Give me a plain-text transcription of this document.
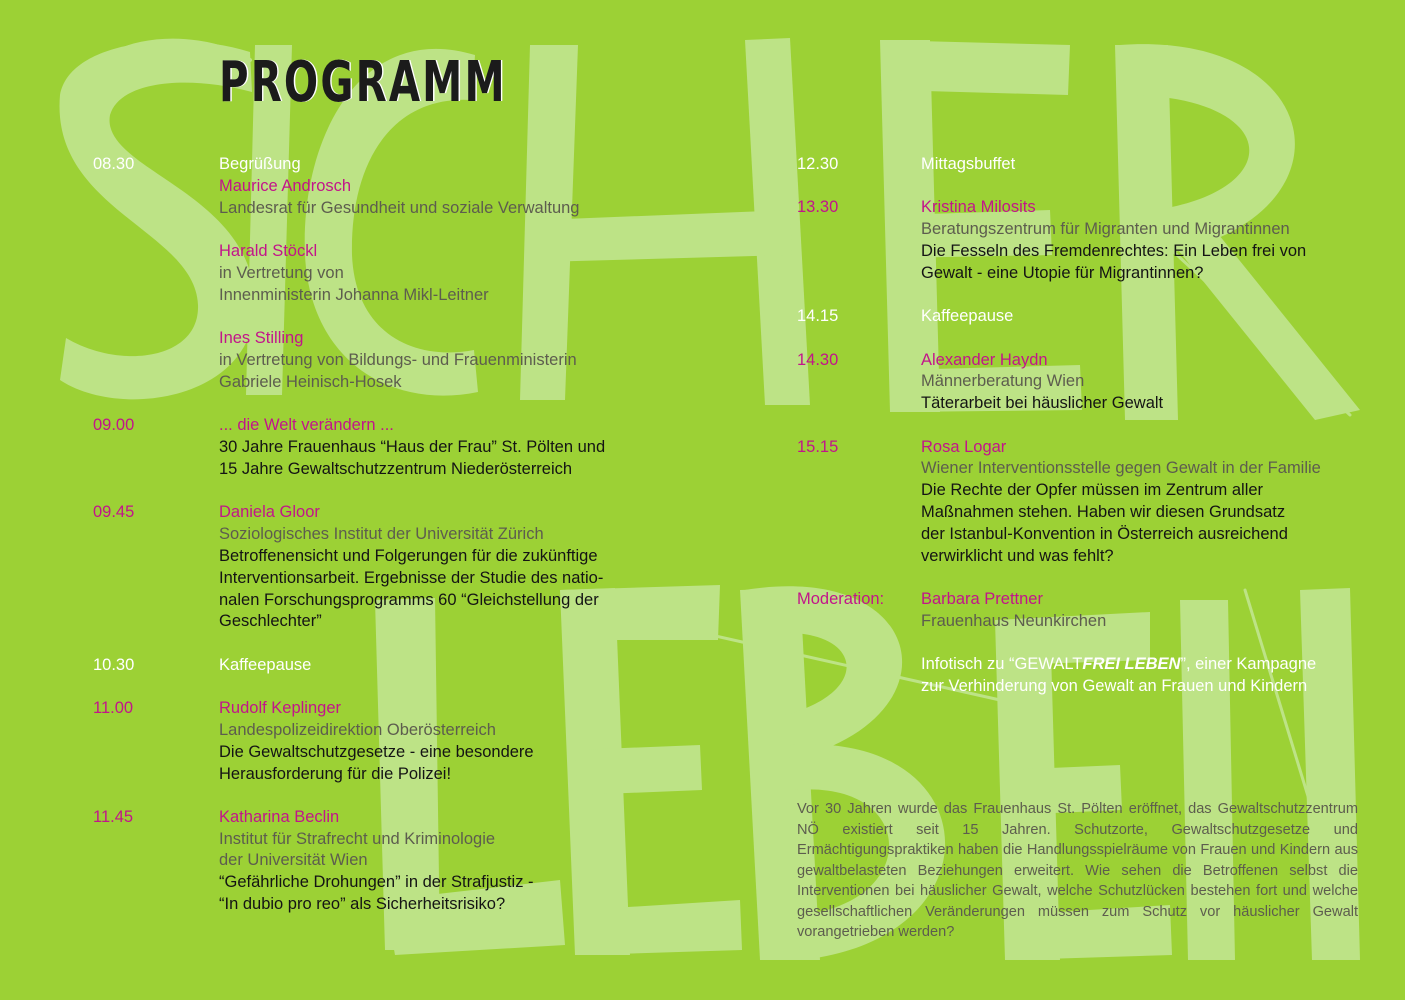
PROGRAMM
08.30	Begrüßung
Maurice Androsch
Landesrat für Gesundheit und soziale Verwaltung
Harald Stöckl
in Vertretung von
Innenministerin Johanna Mikl-Leitner
Ines Stilling
in Vertretung von Bildungs- und Frauenministerin
Gabriele Heinisch-Hosek
09.00	... die Welt verändern ...
30 Jahre Frauenhaus “Haus der Frau” St. Pölten und
15 Jahre Gewaltschutzzentrum Niederösterreich
09.45	Daniela Gloor
Soziologisches Institut der Universität Zürich
Betroffenensicht und Folgerungen für die zukünftige
Interventionsarbeit. Ergebnisse der Studie des natio-
nalen Forschungsprogramms 60 “Gleichstellung der
Geschlechter”
10.30	Kaffeepause
11.00	Rudolf Keplinger
Landespolizeidirektion Oberösterreich
Die Gewaltschutzgesetze - eine besondere
Herausforderung für die Polizei!
11.45	Katharina Beclin
Institut für Strafrecht und Kriminologie
der Universität Wien
“Gefährliche Drohungen” in der Strafjustiz -
“In dubio pro reo” als Sicherheitsrisiko?
12.30	Mittagsbuffet
13.30	Kristina Milosits
Beratungszentrum für Migranten und Migrantinnen
Die Fesseln des Fremdenrechtes: Ein Leben frei von
Gewalt - eine Utopie für Migrantinnen?
14.15	Kaffeepause
14.30	Alexander Haydn
Männerberatung Wien
Täterarbeit bei häuslicher Gewalt
15.15	Rosa Logar
Wiener Interventionsstelle gegen Gewalt in der Familie
Die Rechte der Opfer müssen im Zentrum aller
Maßnahmen stehen. Haben wir diesen Grundsatz
der Istanbul-Konvention in Österreich ausreichend
verwirklicht und was fehlt?
Moderation: Barbara Prettner
Frauenhaus Neunkirchen
Infotisch zu “GEWALTFREI LEBEN”, einer Kampagne
zur Verhinderung von Gewalt an Frauen und Kindern
Vor 30 Jahren wurde das Frauenhaus St. Pölten eröffnet, das Gewaltschutzzentrum NÖ existiert seit 15 Jahren. Schutzorte, Gewaltschutzgesetze und Ermächtigungspraktiken haben die Handlungsspielräume von Frauen und Kindern aus gewaltbelasteten Beziehungen erweitert. Wie sehen die Betroffenen selbst die Interventionen bei häuslicher Gewalt, welche Schutzlücken bestehen fort und welche gesellschaftlichen Veränderungen müssen zum Schutz vor häuslicher Gewalt vorangetrieben werden?
